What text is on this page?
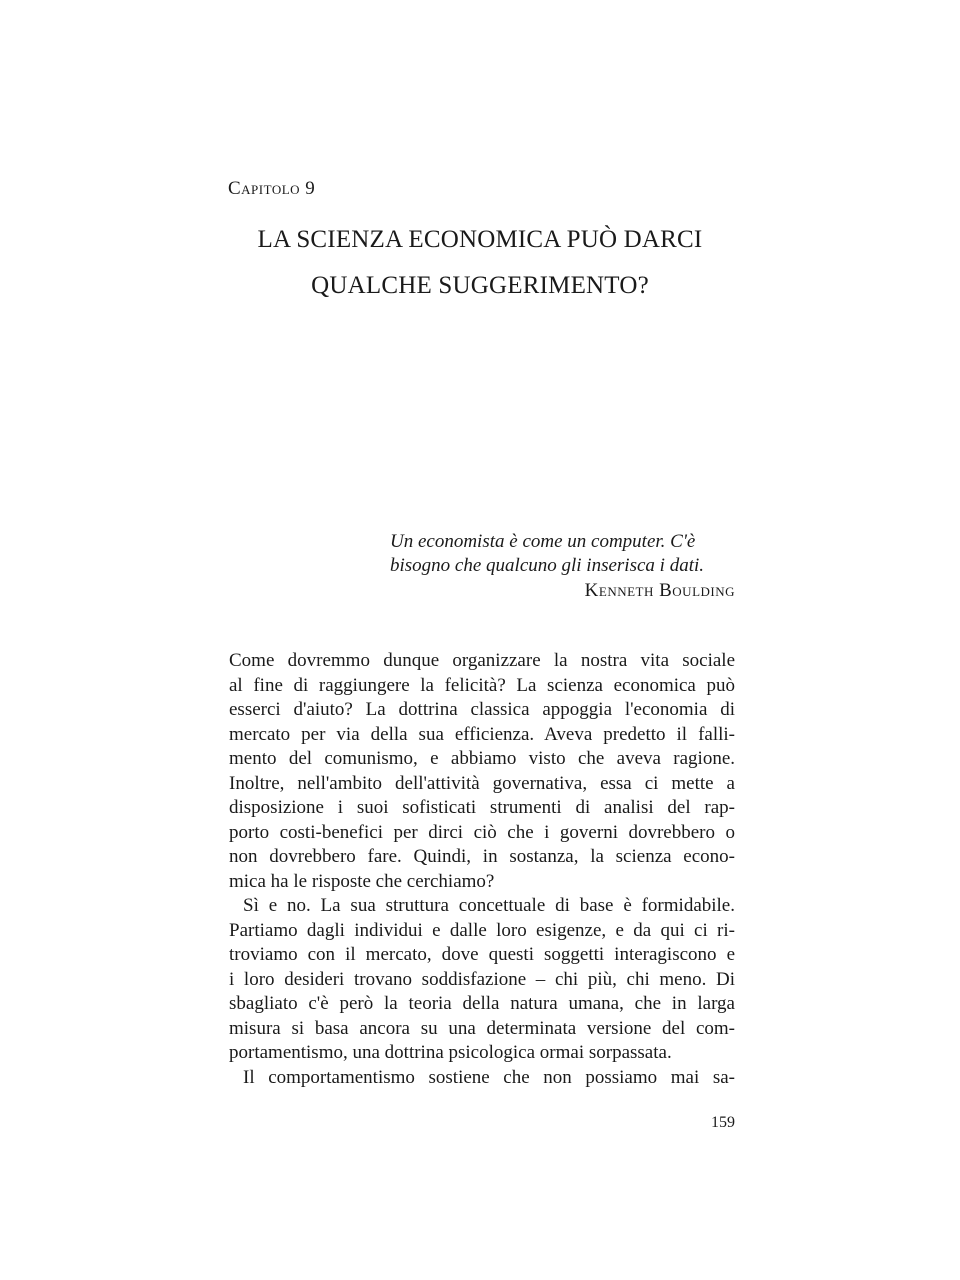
Capitolo 9
LA SCIENZA ECONOMICA PUÒ DARCI
QUALCHE SUGGERIMENTO?
Un economista è come un computer. C'è
bisogno che qualcuno gli inserisca i dati.
Kenneth Boulding
Come dovremmo dunque organizzare la nostra vita sociale
al fine di raggiungere la felicità? La scienza economica può
esserci d'aiuto? La dottrina classica appoggia l'economia di
mercato per via della sua efficienza. Aveva predetto il falli-
mento del comunismo, e abbiamo visto che aveva ragione.
Inoltre, nell'ambito dell'attività governativa, essa ci mette a
disposizione i suoi sofisticati strumenti di analisi del rap-
porto costi-benefici per dirci ciò che i governi dovrebbero o
non dovrebbero fare. Quindi, in sostanza, la scienza econo-
mica ha le risposte che cerchiamo?
Sì e no. La sua struttura concettuale di base è formidabile.
Partiamo dagli individui e dalle loro esigenze, e da qui ci ri-
troviamo con il mercato, dove questi soggetti interagiscono e
i loro desideri trovano soddisfazione – chi più, chi meno. Di
sbagliato c'è però la teoria della natura umana, che in larga
misura si basa ancora su una determinata versione del com-
portamentismo, una dottrina psicologica ormai sorpassata.
Il comportamentismo sostiene che non possiamo mai sa-
159
